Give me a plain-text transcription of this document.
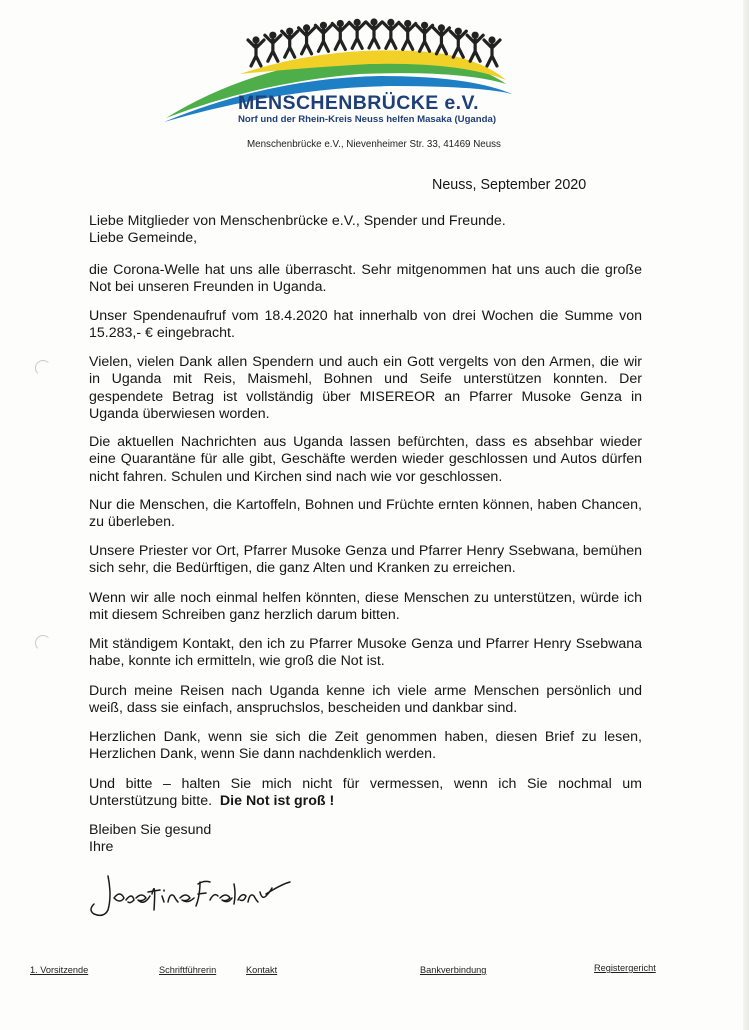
MENSCHENBRÜCKE e.V.
Norf und der Rhein-Kreis Neuss helfen Masaka (Uganda)
Menschenbrücke e.V., Nievenheimer Str. 33, 41469 Neuss
Neuss, September 2020

Liebe Mitglieder von Menschenbrücke e.V., Spender und Freunde.

Liebe Gemeinde,

die Corona-Welle hat uns alle überrascht. Sehr mitgenommen hat uns auch die große Not bei unseren Freunden in Uganda.

Unser Spendenaufruf vom 18.4.2020 hat innerhalb von drei Wochen die Summe von 15.283,- € eingebracht.

Vielen, vielen Dank allen Spendern und auch ein Gott vergelts von den Armen, die wir in Uganda mit Reis, Maismehl, Bohnen und Seife unterstützen konnten. Der gespendete Betrag ist vollständig über MISEREOR an Pfarrer Musoke Genza in Uganda überwiesen worden.

Die aktuellen Nachrichten aus Uganda lassen befürchten, dass es absehbar wieder eine Quarantäne für alle gibt, Geschäfte werden wieder geschlossen und Autos dürfen nicht fahren. Schulen und Kirchen sind nach wie vor geschlossen.

Nur die Menschen, die Kartoffeln, Bohnen und Früchte ernten können, haben Chancen, zu überleben.

Unsere Priester vor Ort, Pfarrer Musoke Genza und Pfarrer Henry Ssebwana, bemühen sich sehr, die Bedürftigen, die ganz Alten und Kranken zu erreichen.

Wenn wir alle noch einmal helfen könnten, diese Menschen zu unterstützen, würde ich mit diesem Schreiben ganz herzlich darum bitten.

Mit ständigem Kontakt, den ich zu Pfarrer Musoke Genza und Pfarrer Henry Ssebwana habe, konnte ich ermitteln, wie groß die Not ist.

Durch meine Reisen nach Uganda kenne ich viele arme Menschen persönlich und weiß, dass sie einfach, anspruchslos, bescheiden und dankbar sind.

Herzlichen Dank, wenn sie sich die Zeit genommen haben, diesen Brief zu lesen, Herzlichen Dank, wenn Sie dann nachdenklich werden.

Und bitte – halten Sie mich nicht für vermessen, wenn ich Sie nochmal um Unterstützung bitte. Die Not ist groß !

Bleiben Sie gesund

Ihre

1. Vorsitzende	Schriftführerin	Kontakt	Bankverbindung	Registergericht
